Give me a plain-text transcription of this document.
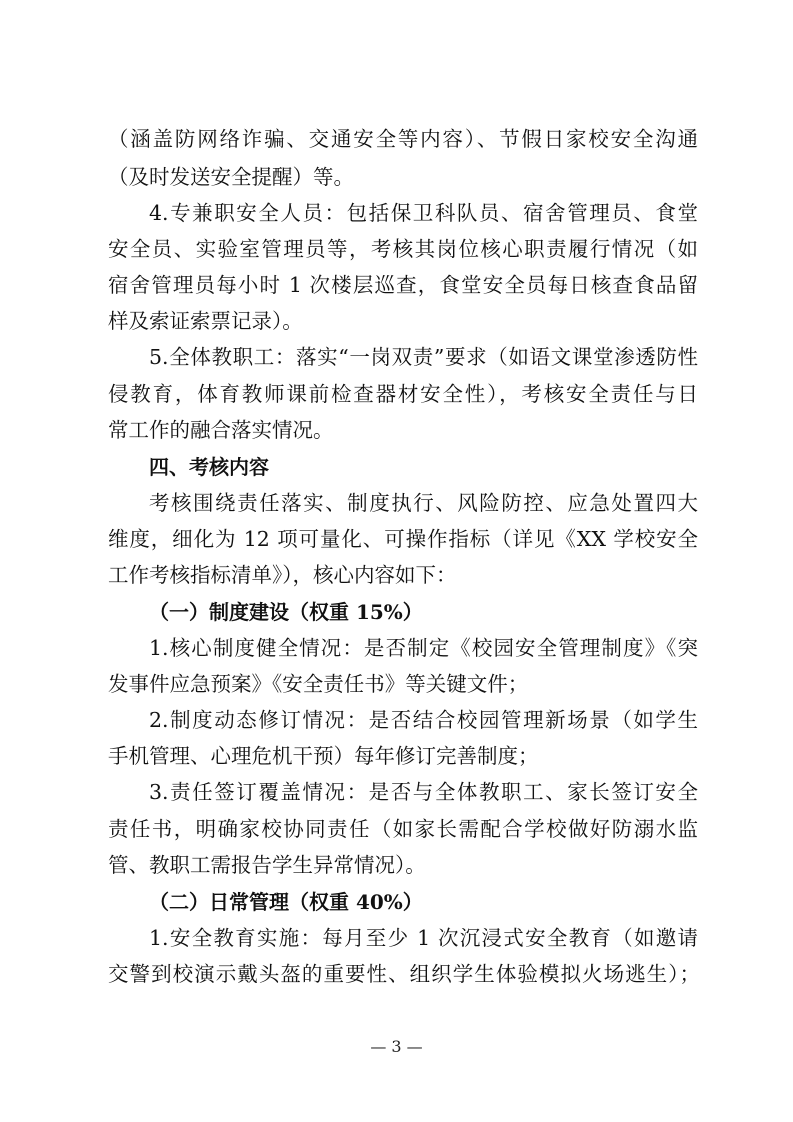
（涵盖防网络诈骗、交通安全等内容）、节假日家校安全沟通
（及时发送安全提醒）等。
4.专兼职安全人员：包括保卫科队员、宿舍管理员、食堂
安全员、实验室管理员等，考核其岗位核心职责履行情况（如
宿舍管理员每小时 1 次楼层巡查，食堂安全员每日核查食品留
样及索证索票记录）。
5.全体教职工：落实“一岗双责”要求（如语文课堂渗透防性
侵教育，体育教师课前检查器材安全性），考核安全责任与日
常工作的融合落实情况。
四、考核内容
考核围绕责任落实、制度执行、风险防控、应急处置四大
维度，细化为 12 项可量化、可操作指标（详见《XX 学校安全
工作考核指标清单》），核心内容如下：
（一）制度建设（权重 15%）
1.核心制度健全情况：是否制定《校园安全管理制度》《突
发事件应急预案》《安全责任书》等关键文件；
2.制度动态修订情况：是否结合校园管理新场景（如学生
手机管理、心理危机干预）每年修订完善制度；
3.责任签订覆盖情况：是否与全体教职工、家长签订安全
责任书，明确家校协同责任（如家长需配合学校做好防溺水监
管、教职工需报告学生异常情况）。
（二）日常管理（权重 40%）
1.安全教育实施：每月至少 1 次沉浸式安全教育（如邀请
交警到校演示戴头盔的重要性、组织学生体验模拟火场逃生）；
— 3 —
